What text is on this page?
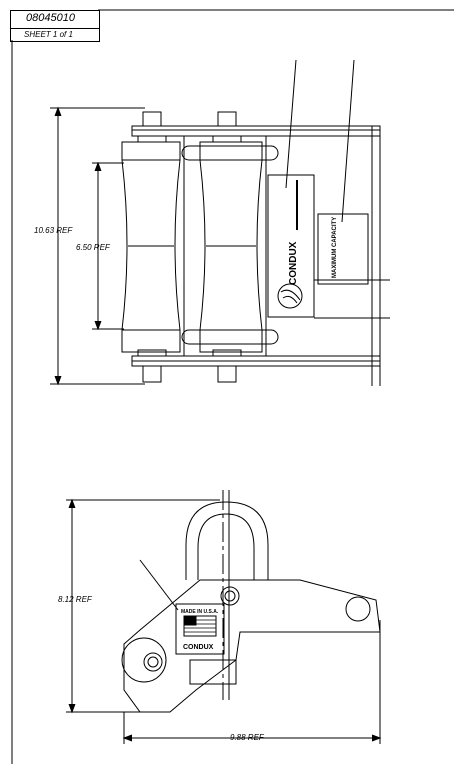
08045010
SHEET 1 of 1
10.63 REF
6.50 REF	CONDUX	MAXIMUM CAPACITY
8.12 REF
9.88 REF
MADE IN U.S.A.
CONDUX
